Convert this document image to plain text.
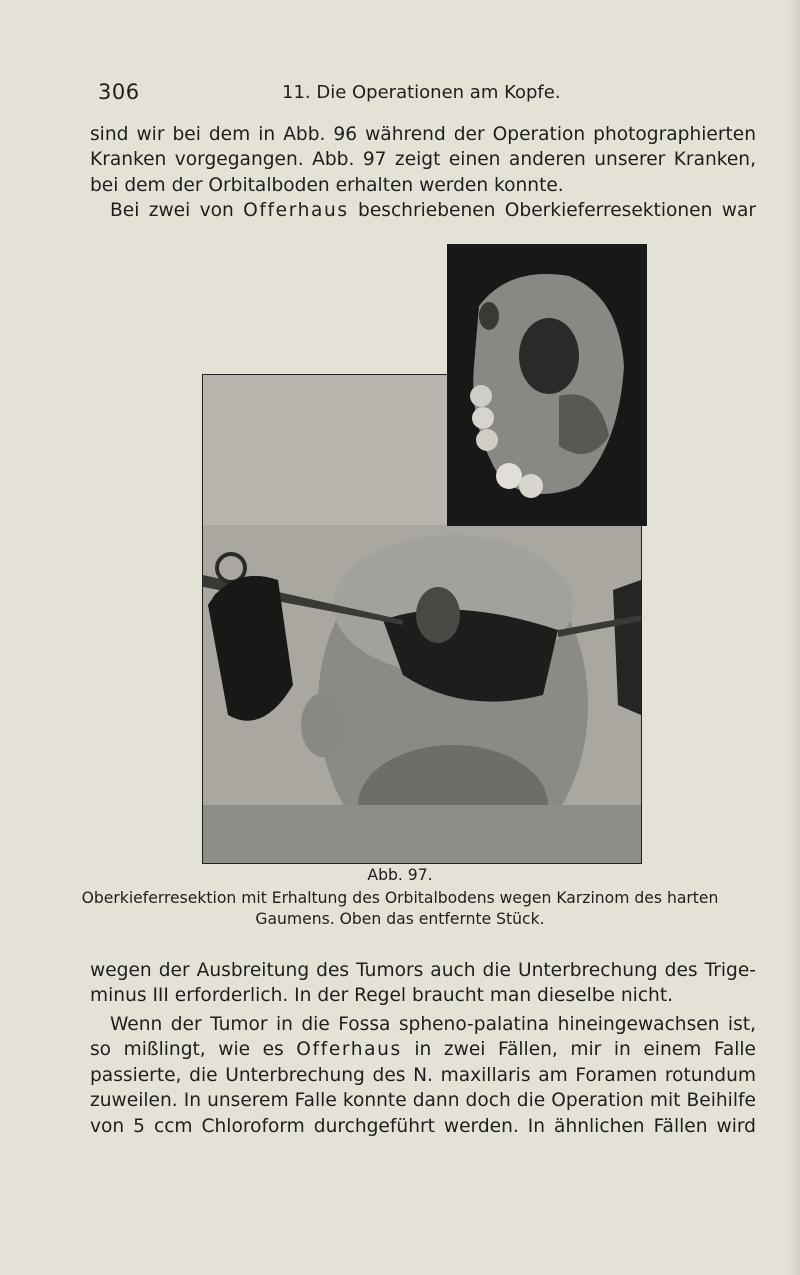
306	11. Die Operationen am Kopfe.

sind wir bei dem in Abb. 96 während der Operation photographierten
Kranken vorgegangen. Abb. 97 zeigt einen anderen unserer Kranken,
bei dem der Orbitalboden erhalten werden konnte.

Bei zwei von Offerhaus beschriebenen Oberkieferresektionen war

Abb. 97.
Oberkieferresektion mit Erhaltung des Orbitalbodens wegen Karzinom des harten
Gaumens. Oben das entfernte Stück.

wegen der Ausbreitung des Tumors auch die Unterbrechung des Trige-
minus III erforderlich. In der Regel braucht man dieselbe nicht.

Wenn der Tumor in die Fossa spheno-palatina hineingewachsen ist,
so mißlingt, wie es Offerhaus in zwei Fällen, mir in einem Falle
passierte, die Unterbrechung des N. maxillaris am Foramen rotundum
zuweilen. In unserem Falle konnte dann doch die Operation mit Beihilfe
von 5 ccm Chloroform durchgeführt werden. In ähnlichen Fällen wird
